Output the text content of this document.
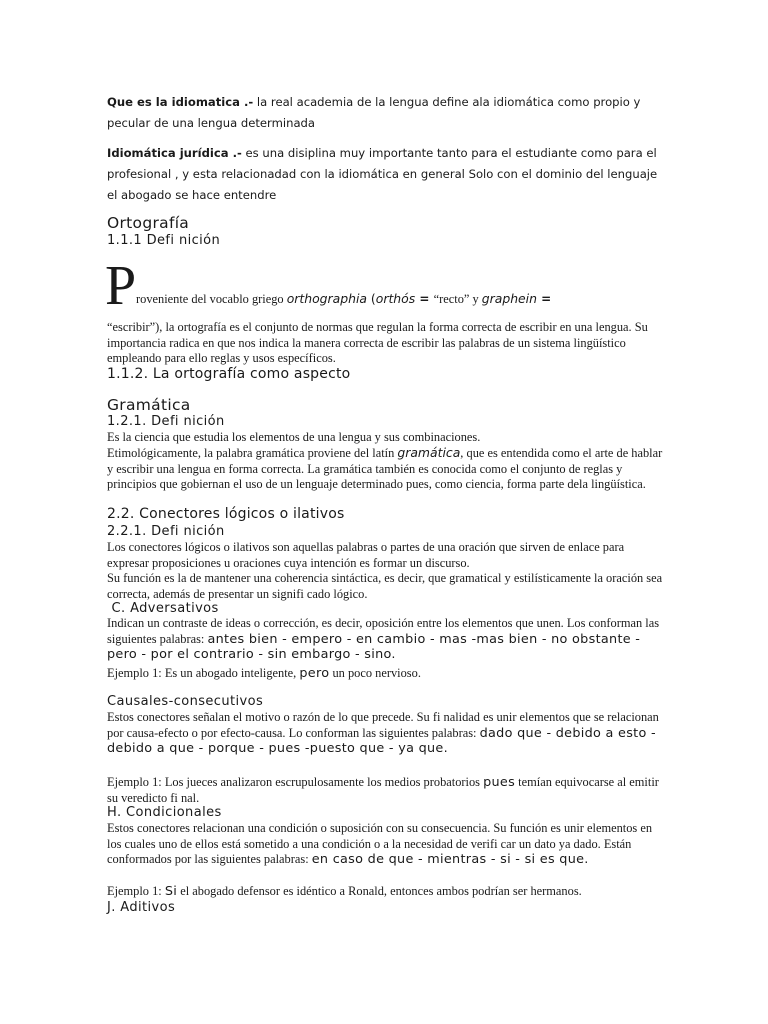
Que es la idiomatica .- la real academia de la lengua define ala idiomática como propio y pecular de una lengua determinada
Idiomática jurídica .- es una disiplina muy importante tanto para el estudiante como para el profesional , y esta relacionadad con la idiomática en general Solo con el dominio del lenguaje el abogado se hace entendre
Ortografía
1.1.1 Defi nición
P roveniente del vocablo griego orthographia (orthós = “recto” y graphein =
“escribir”), la ortografía es el conjunto de normas que regulan la forma correcta de escribir en una lengua. Su importancia radica en que nos indica la manera correcta de escribir las palabras de un sistema lingüístico empleando para ello reglas y usos específicos.
1.1.2. La ortografía como aspecto
Gramática
1.2.1. Defi nición
Es la ciencia que estudia los elementos de una lengua y sus combinaciones.
Etimológicamente, la palabra gramática proviene del latín gramática, que es entendida como el arte de hablar y escribir una lengua en forma correcta. La gramática también es conocida como el conjunto de reglas y principios que gobiernan el uso de un lenguaje determinado pues, como ciencia, forma parte dela lingüística.
2.2. Conectores lógicos o ilativos
2.2.1. Defi nición
Los conectores lógicos o ilativos son aquellas palabras o partes de una oración que sirven de enlace para expresar proposiciones u oraciones cuya intención es formar un discurso.
Su función es la de mantener una coherencia sintáctica, es decir, que gramatical y estilísticamente la oración sea correcta, además de presentar un signifi cado lógico.
C. Adversativos
Indican un contraste de ideas o corrección, es decir, oposición entre los elementos que unen. Los conforman las siguientes palabras: antes bien - empero - en cambio - mas -mas bien - no obstante - pero - por el contrario - sin embargo - sino.
Ejemplo 1: Es un abogado inteligente, pero un poco nervioso.
Causales-consecutivos
Estos conectores señalan el motivo o razón de lo que precede. Su fi nalidad es unir elementos que se relacionan por causa-efecto o por efecto-causa. Lo conforman las siguientes palabras: dado que - debido a esto - debido a que - porque - pues -puesto que - ya que.
Ejemplo 1: Los jueces analizaron escrupulosamente los medios probatorios pues temían equivocarse al emitir su veredicto fi nal.
H. Condicionales
Estos conectores relacionan una condición o suposición con su consecuencia. Su función es unir elementos en los cuales uno de ellos está sometido a una condición o a la necesidad de verifi car un dato ya dado. Están conformados por las siguientes palabras: en caso de que - mientras - si - si es que.
Ejemplo 1: Si el abogado defensor es idéntico a Ronald, entonces ambos podrían ser hermanos.
J. Aditivos
